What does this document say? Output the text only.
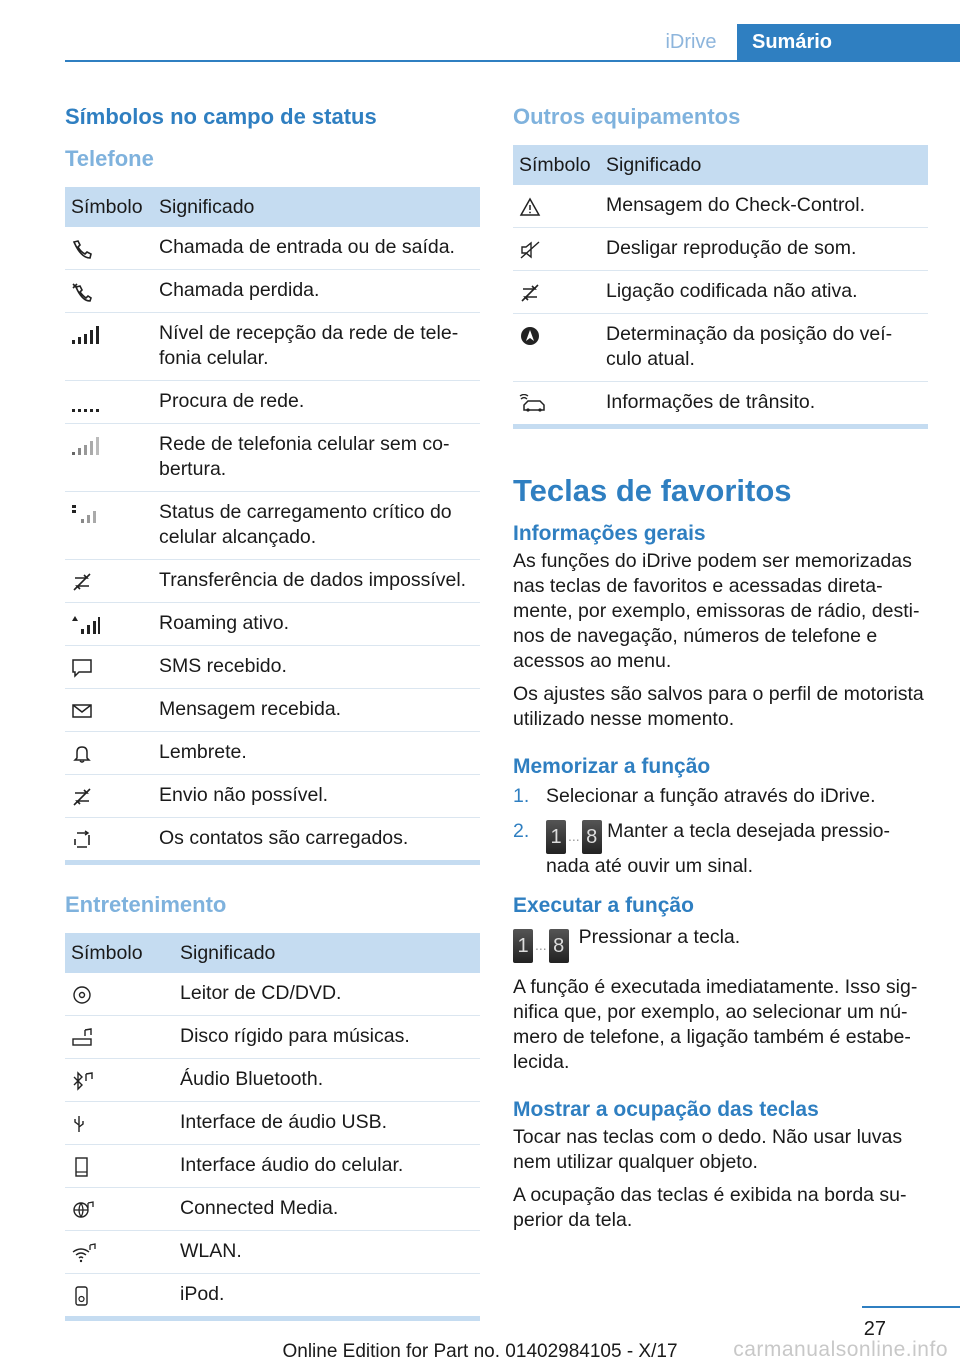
iDrive	Sumário
Símbolos no campo de status
Telefone
Símbolo	Significado

	Chamada de entrada ou de saída.

	Chamada perdida.

	Nível de recepção da rede de tele-fonia celular.

	Procura de rede.

	Rede de telefonia celular sem co-bertura.

	Status de carregamento crítico do celular alcançado.

	Transferência de dados impossível.

	Roaming ativo.

	SMS recebido.

	Mensagem recebida.

	Lembrete.

	Envio não possível.

	Os contatos são carregados.
Entretenimento
Símbolo	Significado

	Leitor de CD/DVD.

	Disco rígido para músicas.

	Áudio Bluetooth.

	Interface de áudio USB.

	Interface áudio do celular.

	Connected Media.

	WLAN.

	iPod.
Outros equipamentos
Símbolo	Significado

	Mensagem do Check-Control.

	Desligar reprodução de som.

	Ligação codificada não ativa.

	Determinação da posição do veí-culo atual.

	Informações de trânsito.
Teclas de favoritos
Informações gerais

As funções do iDrive podem ser memorizadas nas teclas de favoritos e acessadas direta-mente, por exemplo, emissoras de rádio, desti-nos de navegação, números de telefone e acessos ao menu.

Os ajustes são salvos para o perfil de motorista utilizado nesse momento.

Memorizar a função
1. Selecionar a função através do iDrive.
2. 1 $_{...}$ 8 Manter a tecla desejada pressio-nada até ouvir um sinal.
Executar a função
1 ... 8 Pressionar a tecla.

A função é executada imediatamente. Isso sig-nifica que, por exemplo, ao selecionar um nú-mero de telefone, a ligação também é estabe-lecida.

Mostrar a ocupação das teclas

Tocar nas teclas com o dedo. Não usar luvas nem utilizar qualquer objeto.

A ocupação das teclas é exibida na borda su-perior da tela.

27
Online Edition for Part no. 01402984105 - X/17	carmanualsonline.info
